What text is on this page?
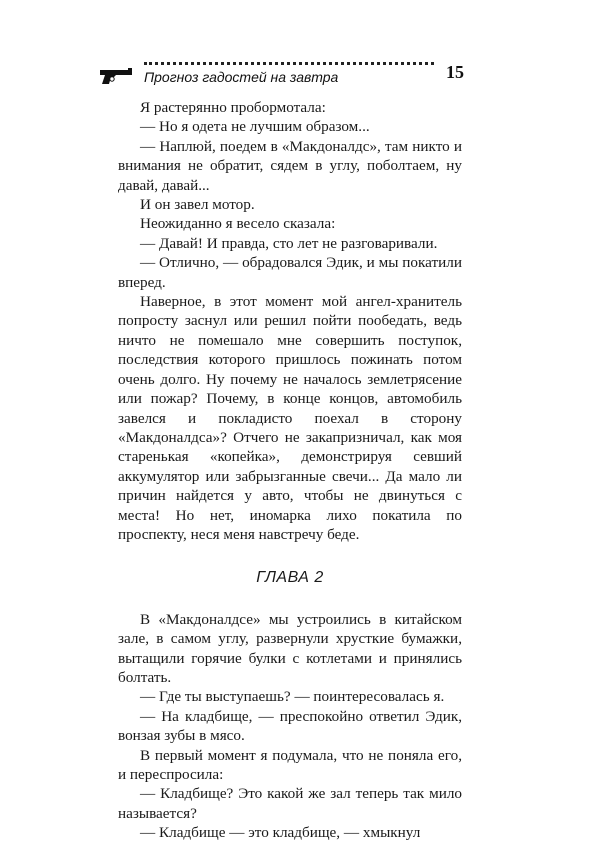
Прогноз гадостей на завтра	15

Я растерянно пробормотала:

— Но я одета не лучшим образом...

— Наплюй, поедем в «Макдоналдс», там никто и внимания не обратит, сядем в углу, поболтаем, ну давай, давай...

И он завел мотор.

Неожиданно я весело сказала:

— Давай! И правда, сто лет не разговаривали.

— Отлично, — обрадовался Эдик, и мы покатили вперед.

Наверное, в этот момент мой ангел-хранитель попросту заснул или решил пойти пообедать, ведь ничто не помешало мне совершить поступок, последствия которого пришлось пожинать потом очень долго. Ну почему не началось землетрясение или пожар? Почему, в конце концов, автомобиль завелся и покладисто поехал в сторону «Макдоналдса»? Отчего не закапризничал, как моя старенькая «копейка», демонстрируя севший аккумулятор или забрызганные свечи... Да мало ли причин найдется у авто, чтобы не двинуться с места! Но нет, иномарка лихо покатила по проспекту, неся меня навстречу беде.

ГЛАВА 2

В «Макдоналдсе» мы устроились в китайском зале, в самом углу, развернули хрусткие бумажки, вытащили горячие булки с котлетами и принялись болтать.

— Где ты выступаешь? — поинтересовалась я.

— На кладбище, — преспокойно ответил Эдик, вонзая зубы в мясо.

В первый момент я подумала, что не поняла его, и переспросила:

— Кладбище? Это какой же зал теперь так мило называется?

— Кладбище — это кладбище, — хмыкнул
